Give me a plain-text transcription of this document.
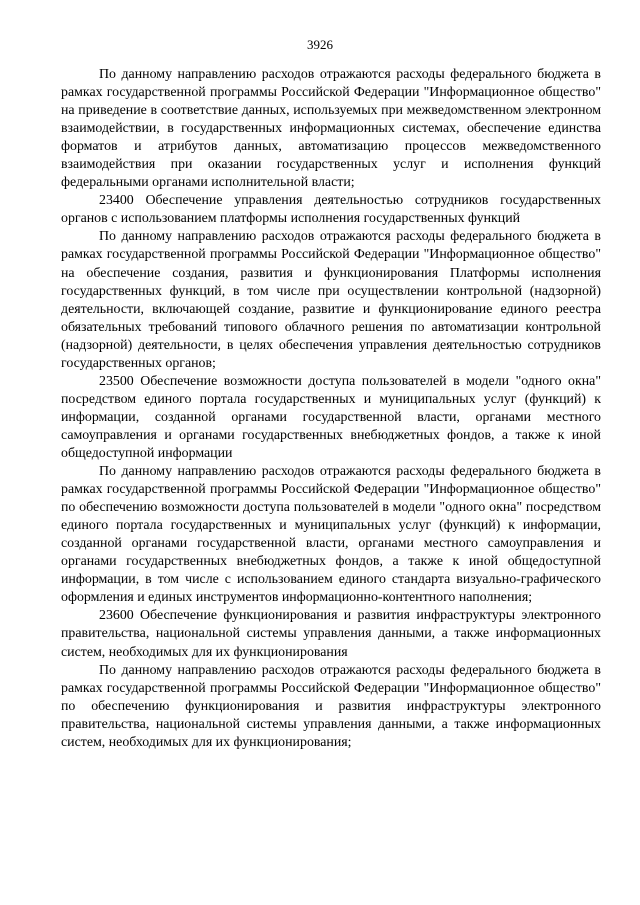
3926

По данному направлению расходов отражаются расходы федерального бюджета в рамках государственной программы Российской Федерации "Информационное общество" на приведение в соответствие данных, используемых при межведомственном электронном взаимодействии, в государственных информационных системах, обеспечение единства форматов и атрибутов данных, автоматизацию процессов межведомственного взаимодействия при оказании государственных услуг и исполнения функций федеральными органами исполнительной власти;

23400 Обеспечение управления деятельностью сотрудников государственных органов с использованием платформы исполнения государственных функций

По данному направлению расходов отражаются расходы федерального бюджета в рамках государственной программы Российской Федерации "Информационное общество" на обеспечение создания, развития и функционирования Платформы исполнения государственных функций, в том числе при осуществлении контрольной (надзорной) деятельности, включающей создание, развитие и функционирование единого реестра обязательных требований типового облачного решения по автоматизации контрольной (надзорной) деятельности, в целях обеспечения управления деятельностью сотрудников государственных органов;

23500 Обеспечение возможности доступа пользователей в модели "одного окна" посредством единого портала государственных и муниципальных услуг (функций) к информации, созданной органами государственной власти, органами местного самоуправления и органами государственных внебюджетных фондов, а также к иной общедоступной информации

По данному направлению расходов отражаются расходы федерального бюджета в рамках государственной программы Российской Федерации "Информационное общество" по обеспечению возможности доступа пользователей в модели "одного окна" посредством единого портала государственных и муниципальных услуг (функций) к информации, созданной органами государственной власти, органами местного самоуправления и органами государственных внебюджетных фондов, а также к иной общедоступной информации, в том числе с использованием единого стандарта визуально-графического оформления и единых инструментов информационно-контентного наполнения;

23600 Обеспечение функционирования и развития инфраструктуры электронного правительства, национальной системы управления данными, а также информационных систем, необходимых для их функционирования

По данному направлению расходов отражаются расходы федерального бюджета в рамках государственной программы Российской Федерации "Информационное общество" по обеспечению функционирования и развития инфраструктуры электронного правительства, национальной системы управления данными, а также информационных систем, необходимых для их функционирования;
